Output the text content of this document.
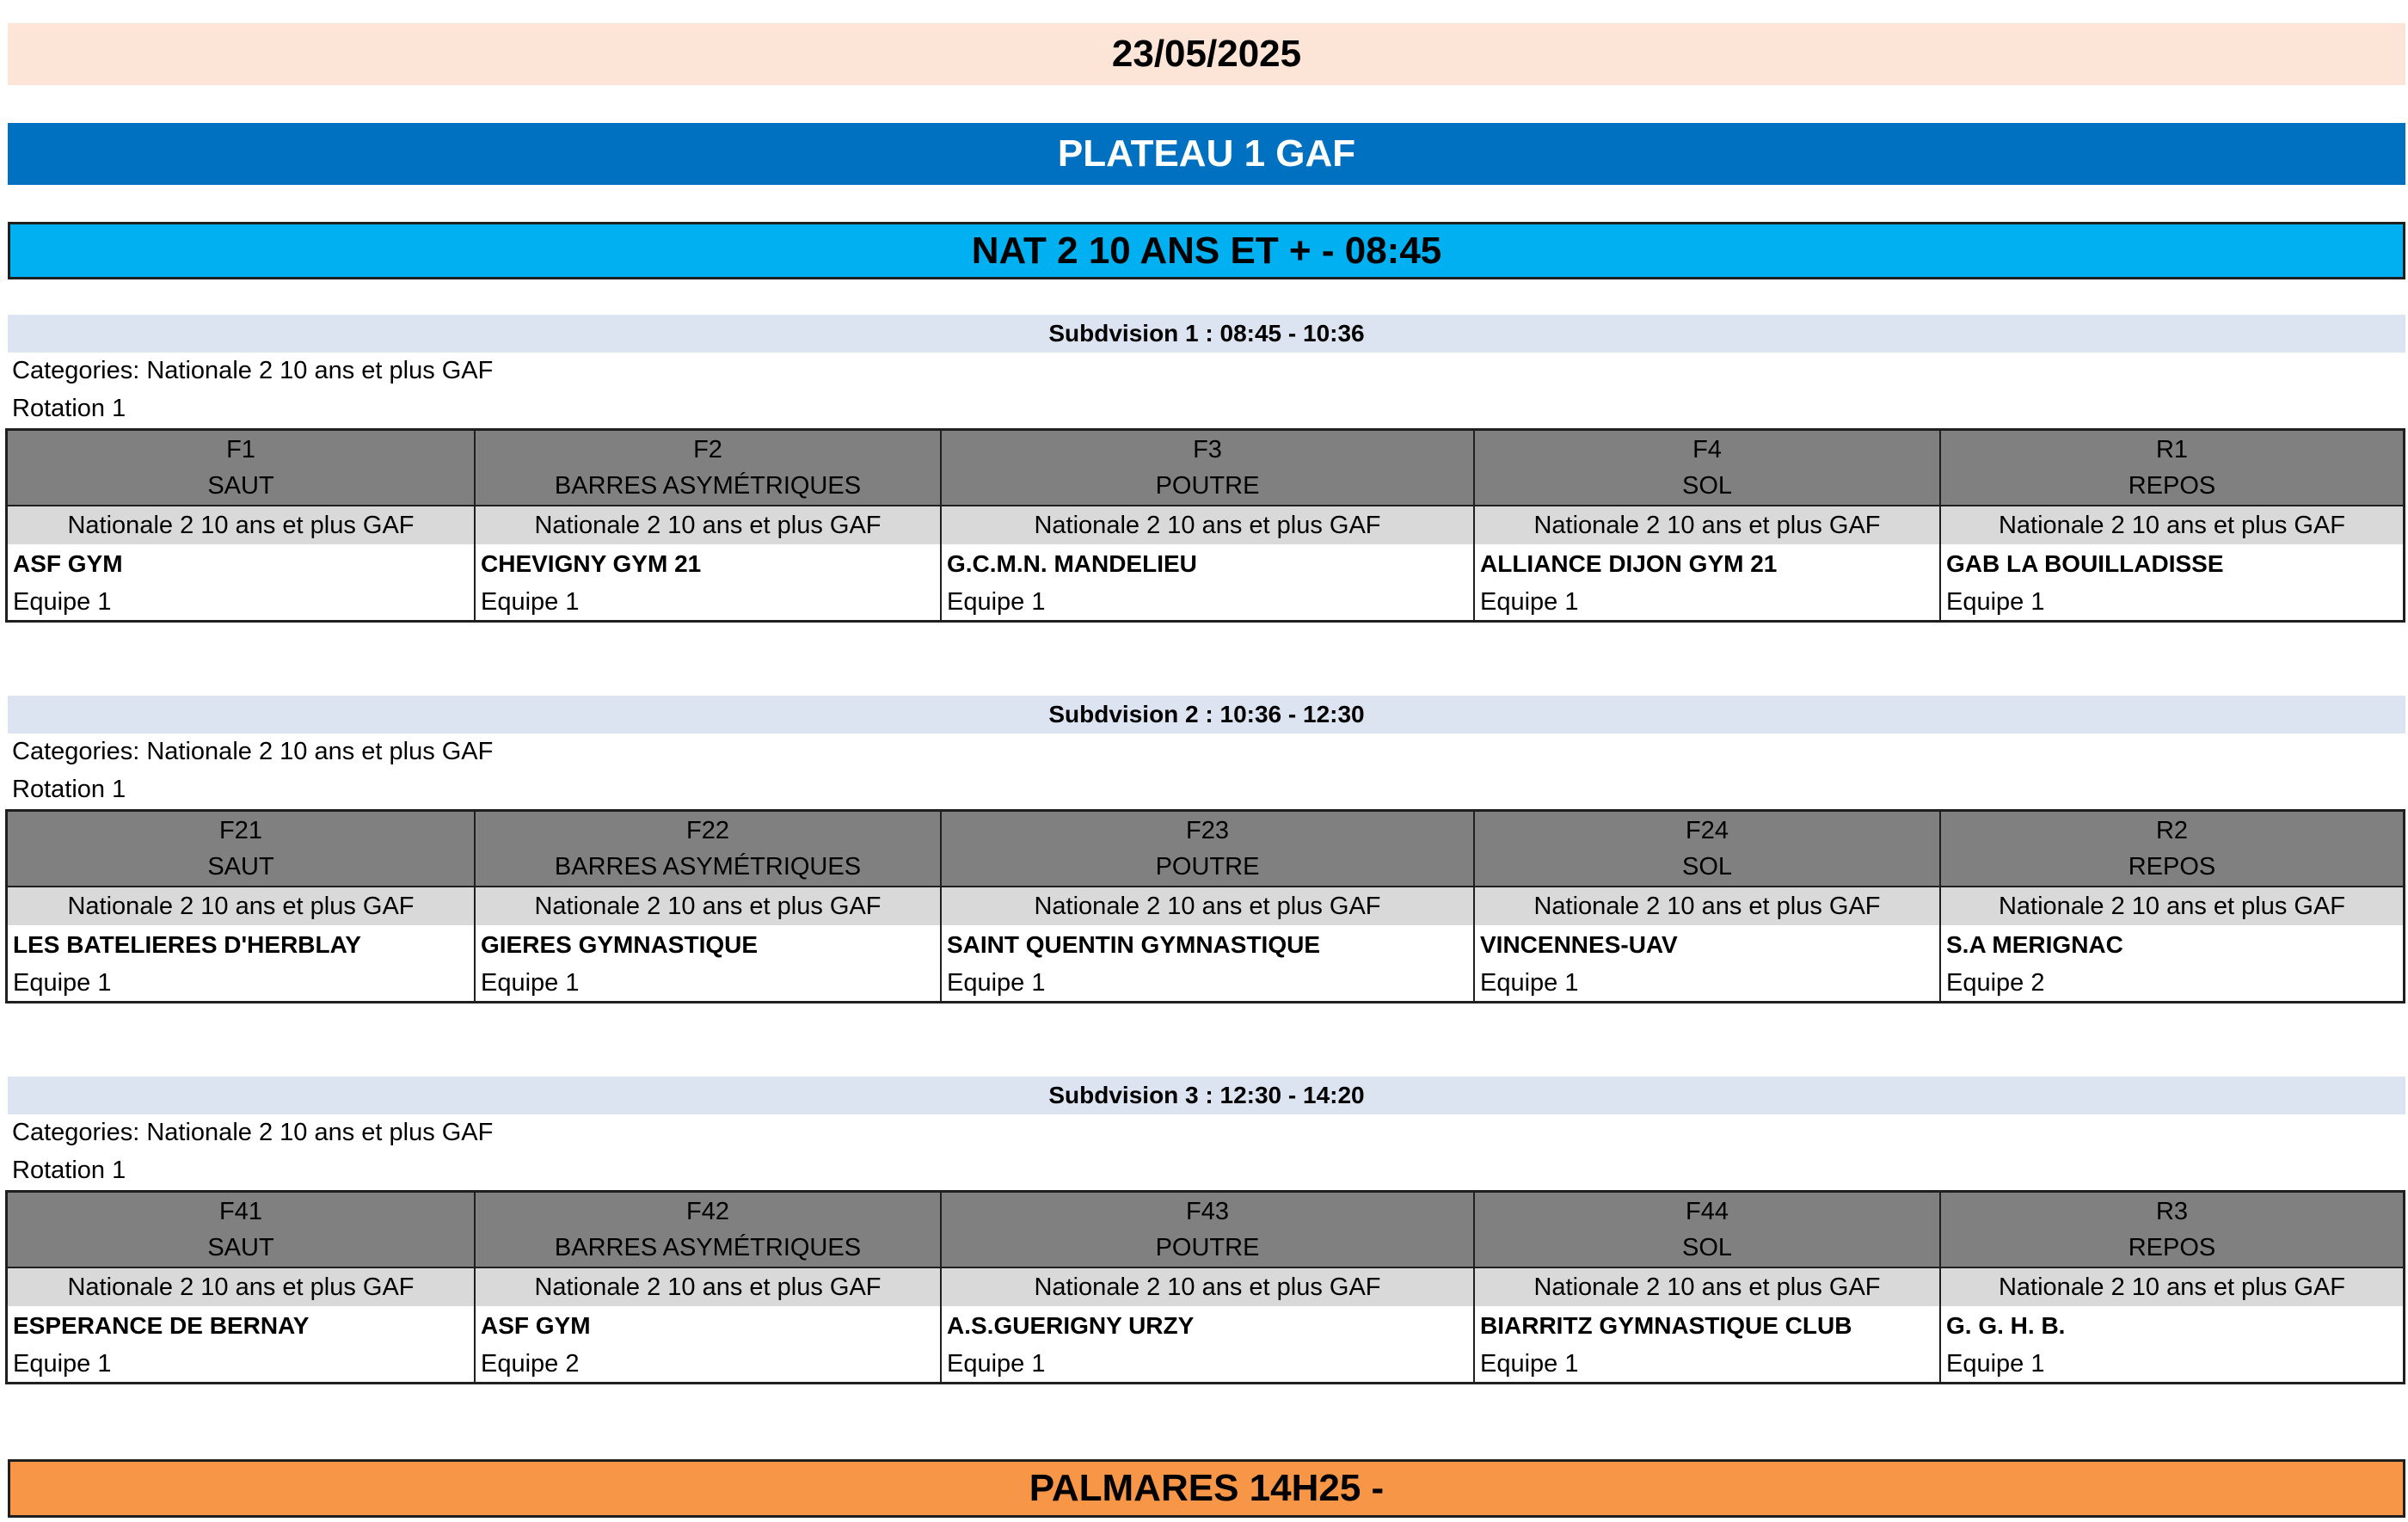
23/05/2025
PLATEAU 1 GAF
NAT 2 10 ANS ET + - 08:45
Subdvision 1 : 08:45 - 10:36
Categories: Nationale 2 10 ans et plus GAF
Rotation 1
F1
SAUT
Nationale 2 10 ans et plus GAF
ASF GYM
Equipe 1
F2
BARRES ASYMÉTRIQUES
Nationale 2 10 ans et plus GAF
CHEVIGNY GYM 21
Equipe 1
F3
POUTRE
Nationale 2 10 ans et plus GAF
G.C.M.N. MANDELIEU
Equipe 1
F4
SOL
Nationale 2 10 ans et plus GAF
ALLIANCE DIJON GYM 21
Equipe 1
R1
REPOS
Nationale 2 10 ans et plus GAF
GAB LA BOUILLADISSE
Equipe 1
Subdvision 2 : 10:36 - 12:30
Categories: Nationale 2 10 ans et plus GAF
Rotation 1
F21
SAUT
Nationale 2 10 ans et plus GAF
LES BATELIERES D'HERBLAY
Equipe 1
F22
BARRES ASYMÉTRIQUES
Nationale 2 10 ans et plus GAF
GIERES GYMNASTIQUE
Equipe 1
F23
POUTRE
Nationale 2 10 ans et plus GAF
SAINT QUENTIN GYMNASTIQUE
Equipe 1
F24
SOL
Nationale 2 10 ans et plus GAF
VINCENNES-UAV
Equipe 1
R2
REPOS
Nationale 2 10 ans et plus GAF
S.A MERIGNAC
Equipe 2
Subdvision 3 : 12:30 - 14:20
Categories: Nationale 2 10 ans et plus GAF
Rotation 1
F41
SAUT
Nationale 2 10 ans et plus GAF
ESPERANCE DE BERNAY
Equipe 1
F42
BARRES ASYMÉTRIQUES
Nationale 2 10 ans et plus GAF
ASF GYM
Equipe 2
F43
POUTRE
Nationale 2 10 ans et plus GAF
A.S.GUERIGNY URZY
Equipe 1
F44
SOL
Nationale 2 10 ans et plus GAF
BIARRITZ GYMNASTIQUE CLUB
Equipe 1
R3
REPOS
Nationale 2 10 ans et plus GAF
G. G. H. B.
Equipe 1
PALMARES 14H25 -
